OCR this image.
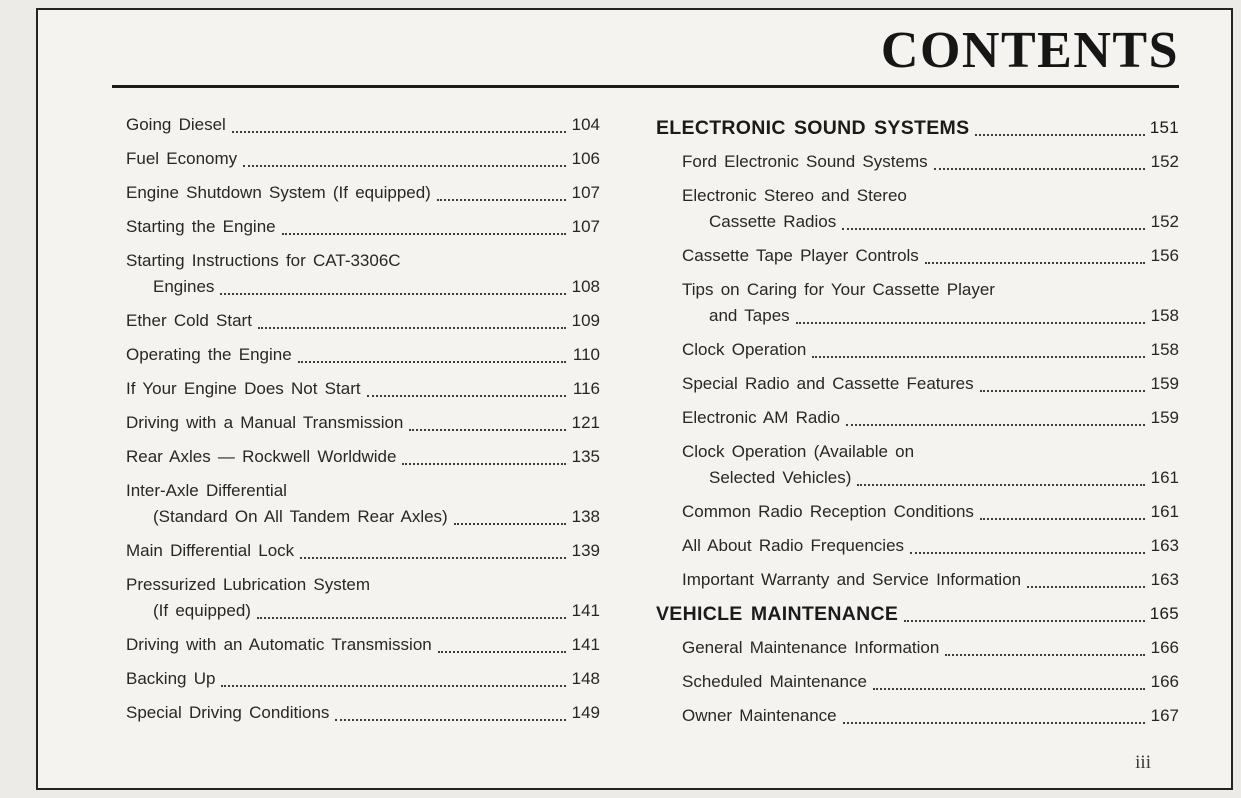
CONTENTS
Going Diesel	104
Fuel Economy	106
Engine Shutdown System (If equipped)	107
Starting the Engine	107
Starting Instructions for CAT-3306C
Engines	108
Ether Cold Start	109
Operating the Engine	110
If Your Engine Does Not Start	116
Driving with a Manual Transmission	121
Rear Axles — Rockwell Worldwide	135
Inter-Axle Differential
(Standard On All Tandem Rear Axles)	138
Main Differential Lock	139
Pressurized Lubrication System
(If equipped)	141
Driving with an Automatic Transmission	141
Backing Up	148
Special Driving Conditions	149
ELECTRONIC SOUND SYSTEMS	151
Ford Electronic Sound Systems	152
Electronic Stereo and Stereo
Cassette Radios	152
Cassette Tape Player Controls	156
Tips on Caring for Your Cassette Player
and Tapes	158
Clock Operation	158
Special Radio and Cassette Features	159
Electronic AM Radio	159
Clock Operation (Available on
Selected Vehicles)	161
Common Radio Reception Conditions	161
All About Radio Frequencies	163
Important Warranty and Service Information	163
VEHICLE MAINTENANCE	165
General Maintenance Information	166
Scheduled Maintenance	166
Owner Maintenance	167
iii
